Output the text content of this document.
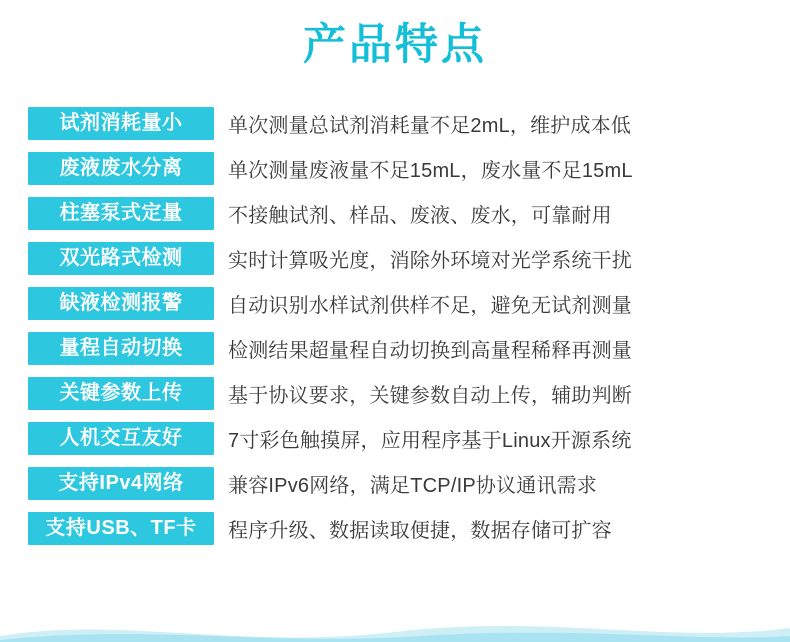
产品特点
试剂消耗量小	单次测量总试剂消耗量不足2mL，维护成本低
废液废水分离	单次测量废液量不足15mL，废水量不足15mL
柱塞泵式定量	不接触试剂、样品、废液、废水，可靠耐用
双光路式检测	实时计算吸光度，消除外环境对光学系统干扰
缺液检测报警	自动识别水样试剂供样不足，避免无试剂测量
量程自动切换	检测结果超量程自动切换到高量程稀释再测量
关键参数上传	基于协议要求，关键参数自动上传，辅助判断
人机交互友好	7寸彩色触摸屏，应用程序基于Linux开源系统
支持IPv4网络	兼容IPv6网络，满足TCP/IP协议通讯需求
支持USB、TF卡	程序升级、数据读取便捷，数据存储可扩容
